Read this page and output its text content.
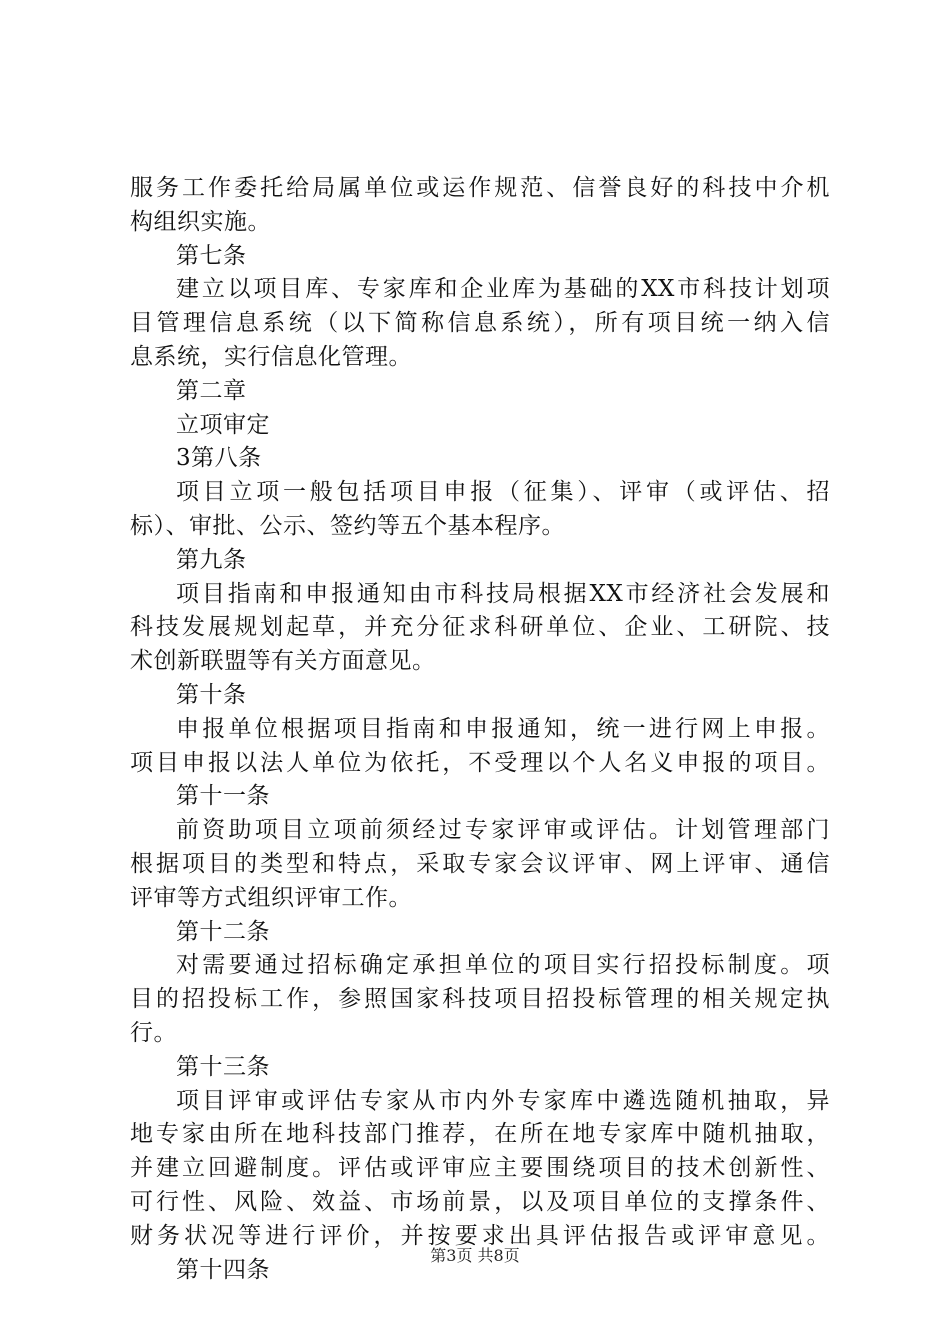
服务工作委托给局属单位或运作规范、信誉良好的科技中介机
构组织实施。
第七条
建立以项目库、专家库和企业库为基础的XX市科技计划项
目管理信息系统（以下简称信息系统），所有项目统一纳入信
息系统，实行信息化管理。
第二章
立项审定
3第八条
项目立项一般包括项目申报（征集）、评审（或评估、招
标）、审批、公示、签约等五个基本程序。
第九条
项目指南和申报通知由市科技局根据XX市经济社会发展和
科技发展规划起草，并充分征求科研单位、企业、工研院、技
术创新联盟等有关方面意见。
第十条
申报单位根据项目指南和申报通知，统一进行网上申报。
项目申报以法人单位为依托，不受理以个人名义申报的项目。
第十一条
前资助项目立项前须经过专家评审或评估。计划管理部门
根据项目的类型和特点，采取专家会议评审、网上评审、通信
评审等方式组织评审工作。
第十二条
对需要通过招标确定承担单位的项目实行招投标制度。项
目的招投标工作，参照国家科技项目招投标管理的相关规定执
行。
第十三条
项目评审或评估专家从市内外专家库中遴选随机抽取，异
地专家由所在地科技部门推荐，在所在地专家库中随机抽取，
并建立回避制度。评估或评审应主要围绕项目的技术创新性、
可行性、风险、效益、市场前景，以及项目单位的支撑条件、
财务状况等进行评价，并按要求出具评估报告或评审意见。
第十四条
第3页 共8页
